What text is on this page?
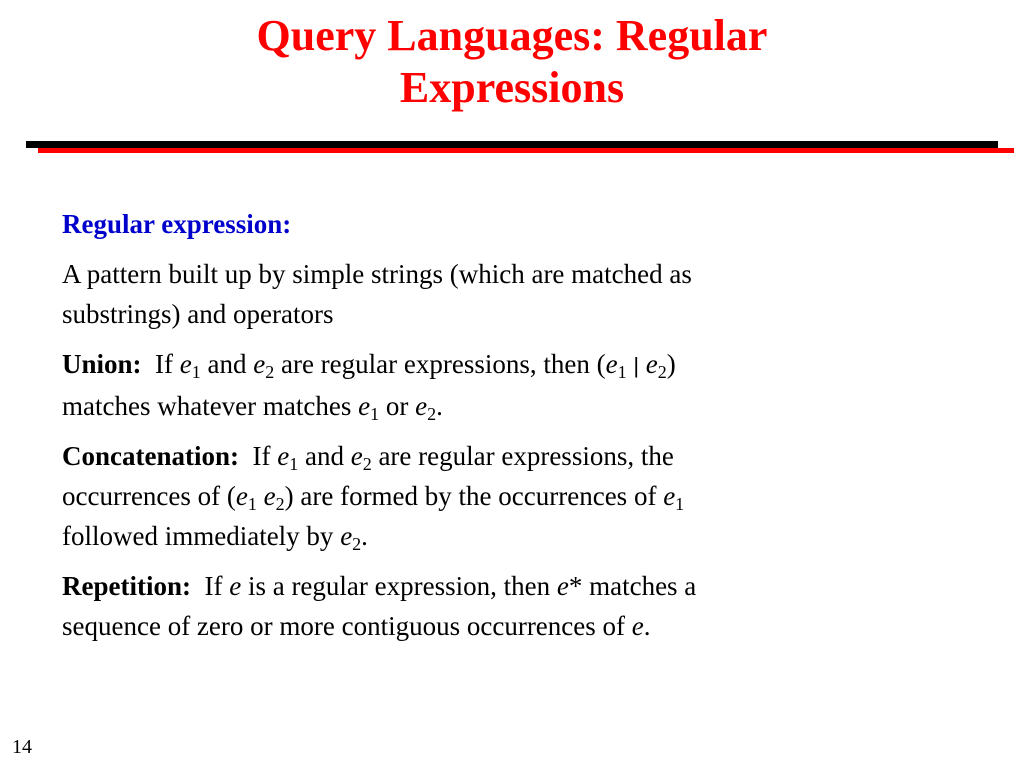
Query Languages: Regular
Expressions
Regular expression:
A pattern built up by simple strings (which are matched as
substrings) and operators
Union: If $e_1$ and $e_2$ are regular expressions, then ($e_1$ | $e_2$)
matches whatever matches $e_1$ or $e_2$.
Concatenation: If $e_1$ and $e_2$ are regular expressions, the
occurrences of ($e_1$ $e_2$) are formed by the occurrences of $e_1$
followed immediately by $e_2$.
Repetition: If e is a regular expression, then e* matches a
sequence of zero or more contiguous occurrences of e.
14
